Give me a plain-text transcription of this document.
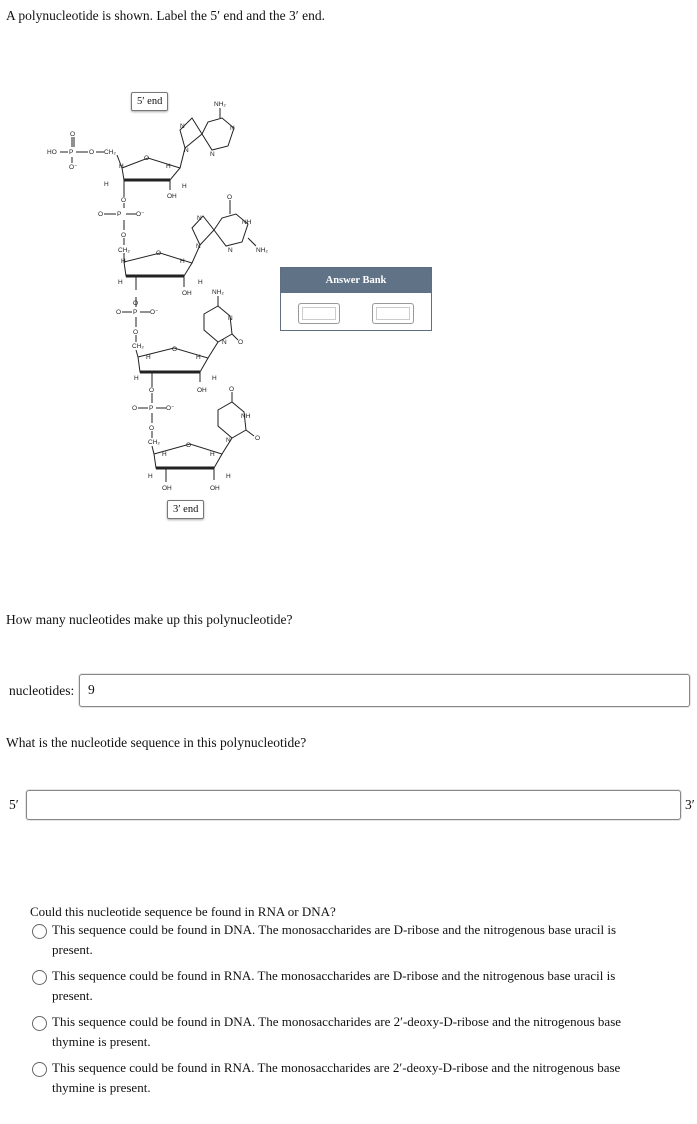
A polynucleotide is shown. Label the 5′ end and the 3′ end.
HO P
O
O⁻
O CH₂
O
H	H
H	H
OH
O
N
N
N
N
NH₂
O P O⁻
O
CH₂	O
H	H
H	H
OH
N
N
N
NH
O
NH₂
O
O P O⁻
O
CH₂	O
H	H
H	H
OH
O
NH₂
N
N O
O P O⁻
O
CH₂	O
H	H
H	H
OH	OH
O
NH
N	O
5′ end
3′ end
Answer Bank
How many nucleotides make up this polynucleotide?
nucleotides: 9
What is the nucleotide sequence in this polynucleotide?
5′	3′
Could this nucleotide sequence be found in RNA or DNA?
This sequence could be found in DNA. The monosaccharides are D-ribose and the nitrogenous base uracil is present.
This sequence could be found in RNA. The monosaccharides are D-ribose and the nitrogenous base uracil is present.
This sequence could be found in DNA. The monosaccharides are 2′-deoxy-D-ribose and the nitrogenous base thymine is present.
This sequence could be found in RNA. The monosaccharides are 2′-deoxy-D-ribose and the nitrogenous base thymine is present.
